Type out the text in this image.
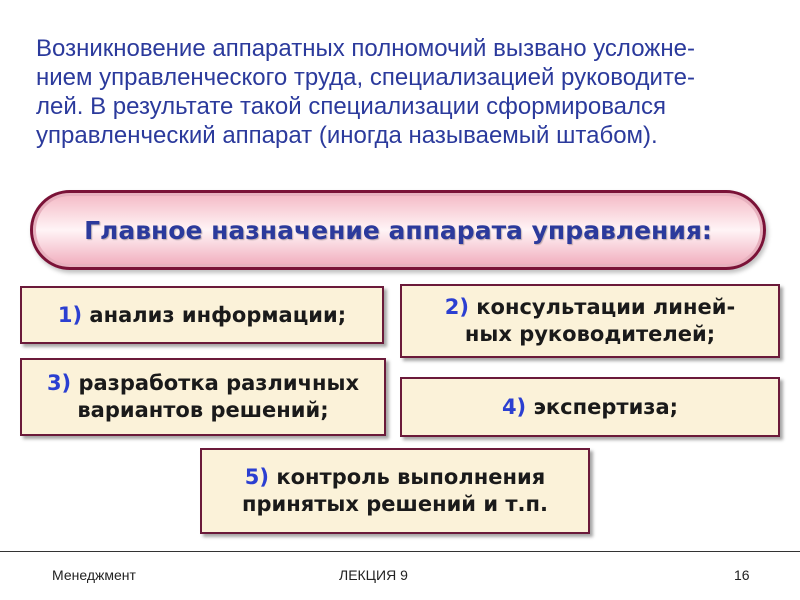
Возникновение аппаратных полномочий вызвано усложне-
нием управленческого труда, специализацией руководите-
лей. В результате такой специализации сформировался
управленческий аппарат (иногда называемый штабом).

Главное назначение аппарата управления:
1) анализ информации;	2) консультации линей-
ных руководителей;
3) разработка различных
вариантов решений;	4) экспертиза;
5) контроль выполнения
принятых решений и т.п.
Менеджмент	ЛЕКЦИЯ 9	16
